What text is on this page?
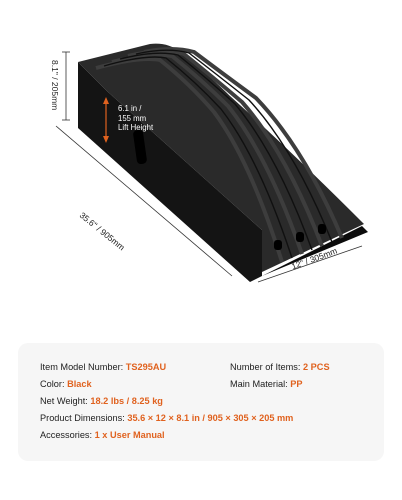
8.1" / 205mm
35.6" / 905mm
12" / 305mm
6.1 in /
155 mm
Lift Height
Item Model Number: TS295AU	Number of Items: 2 PCS
Color: Black	Main Material: PP
Net Weight: 18.2 lbs / 8.25 kg
Product Dimensions: 35.6 × 12 × 8.1 in / 905 × 305 × 205 mm
Accessories: 1 x User Manual
